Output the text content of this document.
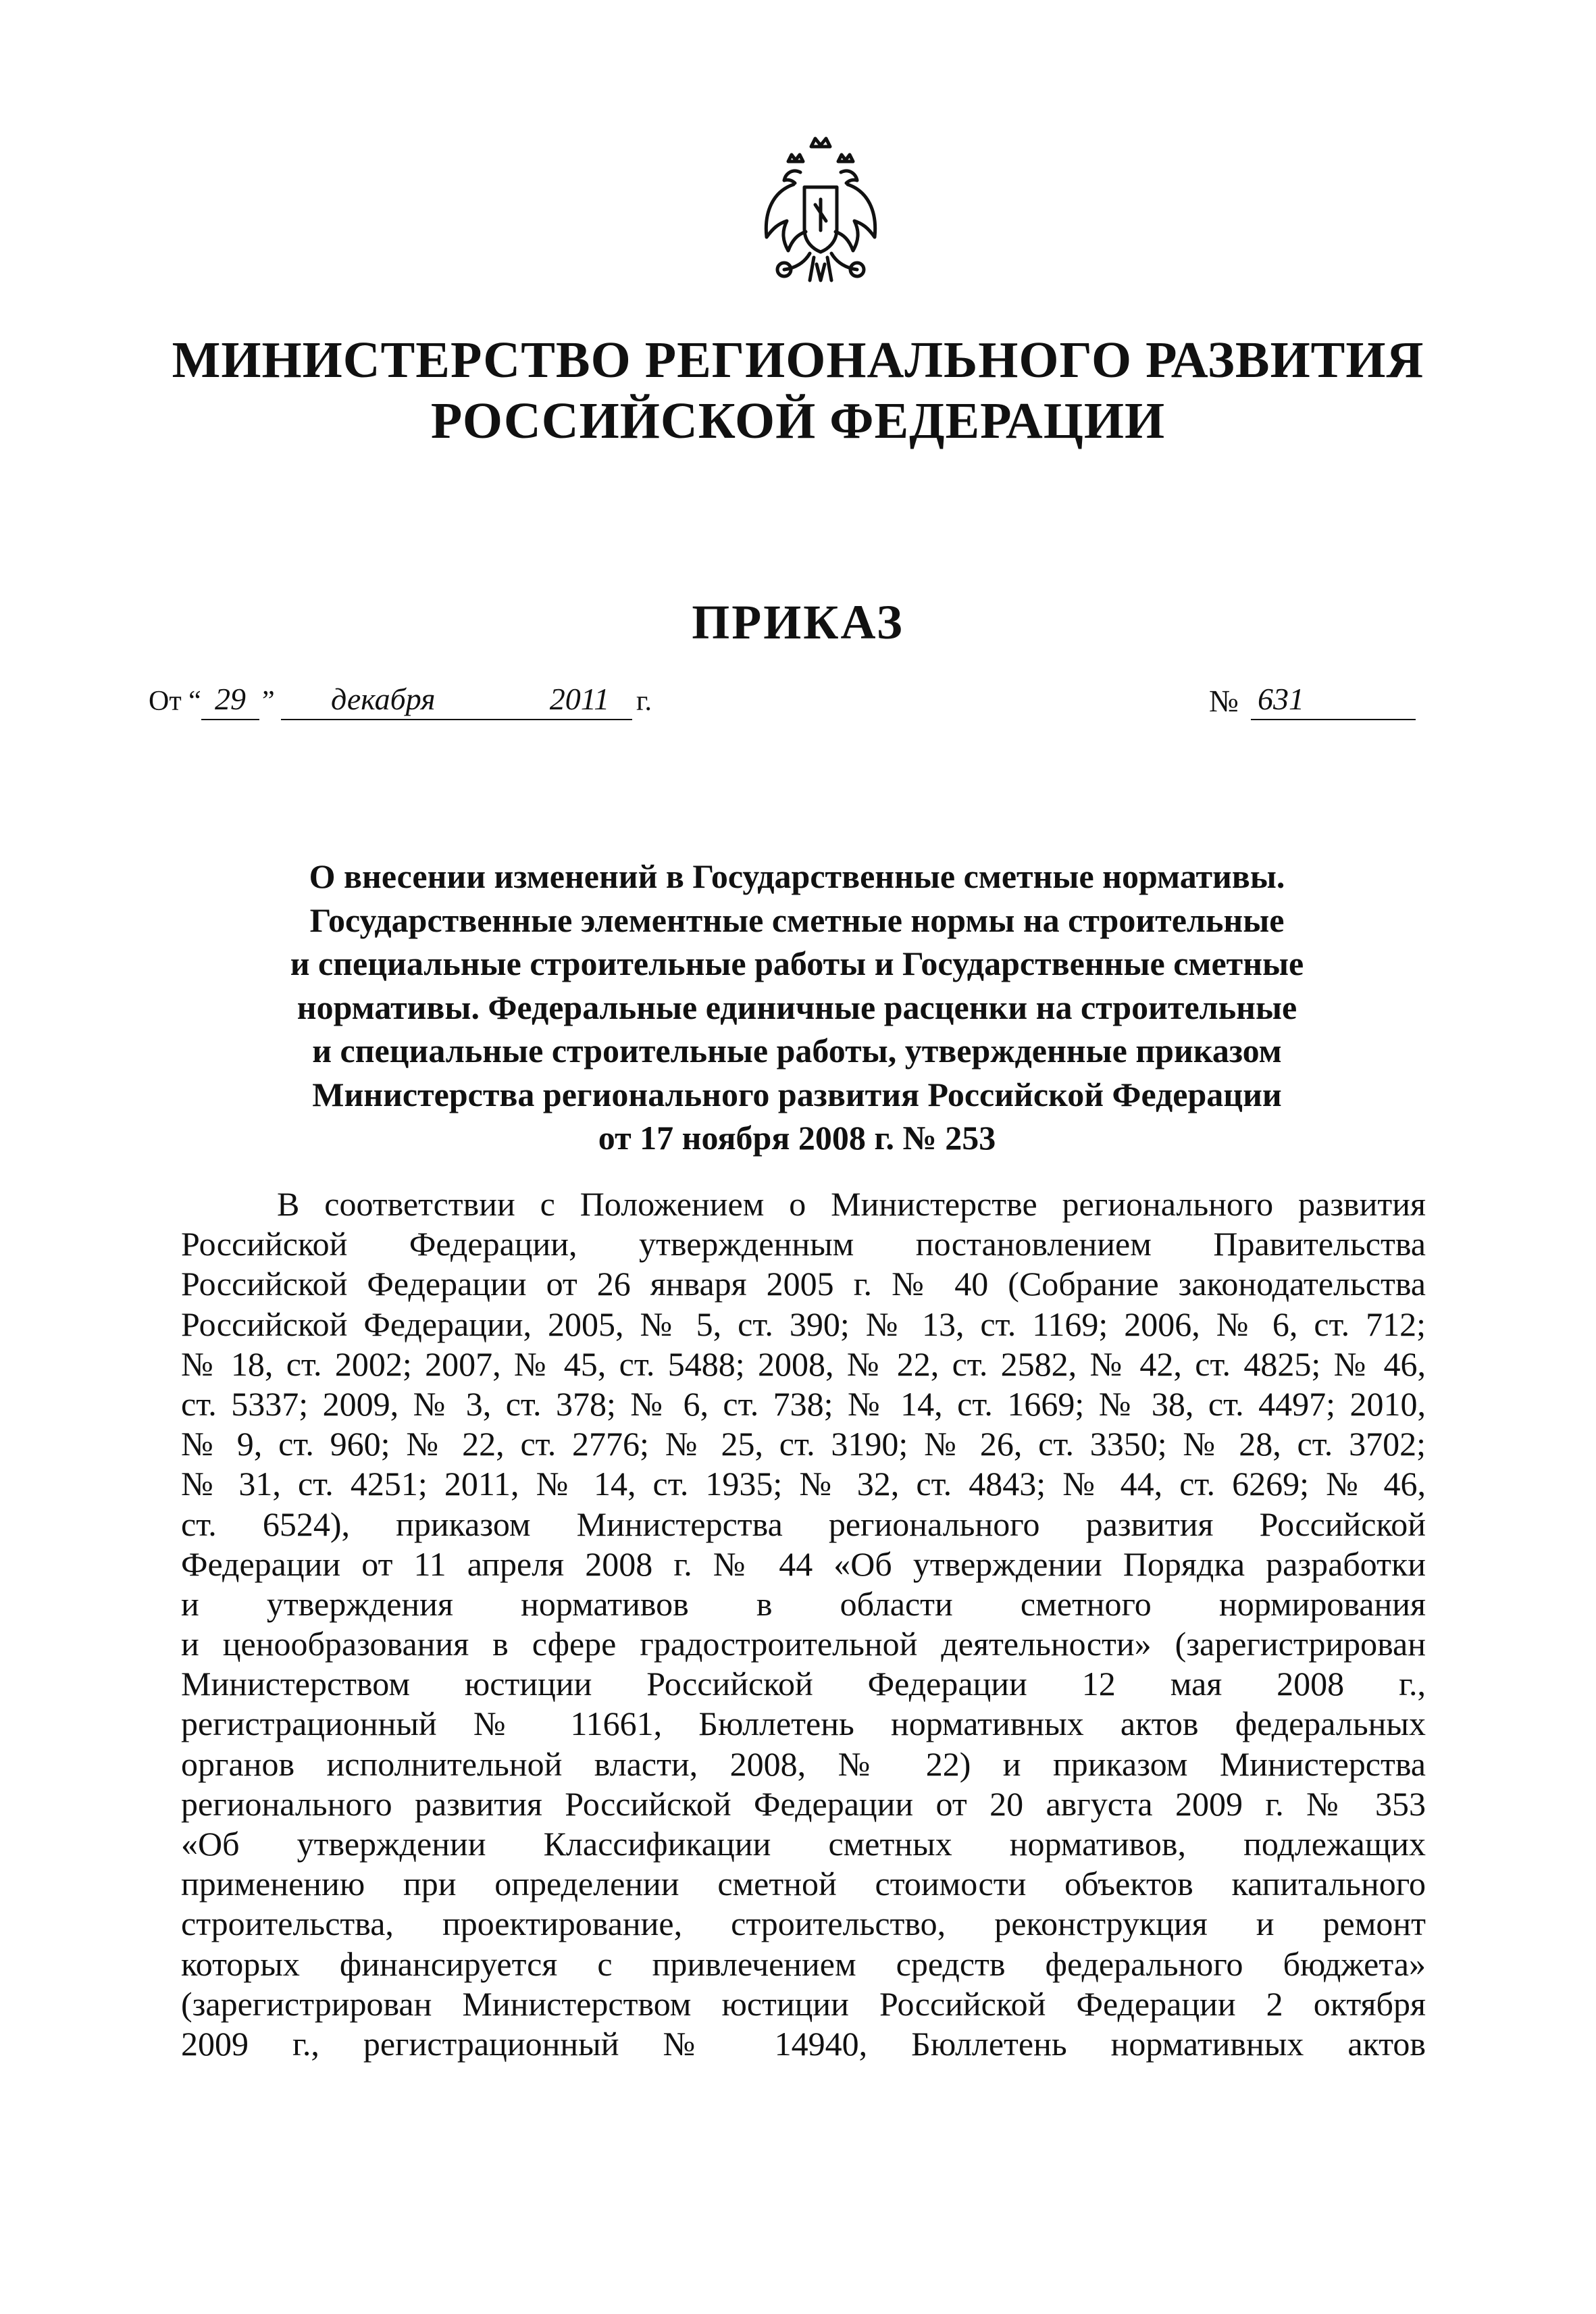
МИНИСТЕРСТВО РЕГИОНАЛЬНОГО РАЗВИТИЯ
РОССИЙСКОЙ ФЕДЕРАЦИИ
ПРИКАЗ
От “ 29 ”	декабря	2011 г.	№ 631
О внесении изменений в Государственные сметные нормативы.
Государственные элементные сметные нормы на строительные
и специальные строительные работы и Государственные сметные
нормативы. Федеральные единичные расценки на строительные
и специальные строительные работы, утвержденные приказом
Министерства регионального развития Российской Федерации
от 17 ноября 2008 г. № 253
В соответствии с Положением о Министерстве регионального развития
Российской Федерации, утвержденным постановлением Правительства
Российской Федерации от 26 января 2005 г. № 40 (Собрание законодательства
Российской Федерации, 2005, № 5, ст. 390; № 13, ст. 1169; 2006, № 6, ст. 712;
№ 18, ст. 2002; 2007, № 45, ст. 5488; 2008, № 22, ст. 2582, № 42, ст. 4825; № 46,
ст. 5337; 2009, № 3, ст. 378; № 6, ст. 738; № 14, ст. 1669; № 38, ст. 4497; 2010,
№ 9, ст. 960; № 22, ст. 2776; № 25, ст. 3190; № 26, ст. 3350; № 28, ст. 3702;
№ 31, ст. 4251; 2011, № 14, ст. 1935; № 32, ст. 4843; № 44, ст. 6269; № 46,
ст. 6524), приказом Министерства регионального развития Российской
Федерации от 11 апреля 2008 г. № 44 «Об утверждении Порядка разработки
и утверждения нормативов в области сметного нормирования
и ценообразования в сфере градостроительной деятельности» (зарегистрирован
Министерством юстиции Российской Федерации 12 мая 2008 г.,
регистрационный № 11661, Бюллетень нормативных актов федеральных
органов исполнительной власти, 2008, № 22) и приказом Министерства
регионального развития Российской Федерации от 20 августа 2009 г. № 353
«Об утверждении Классификации сметных нормативов, подлежащих
применению при определении сметной стоимости объектов капитального
строительства, проектирование, строительство, реконструкция и ремонт
которых финансируется с привлечением средств федерального бюджета»
(зарегистрирован Министерством юстиции Российской Федерации 2 октября
2009 г., регистрационный № 14940, Бюллетень нормативных актов
